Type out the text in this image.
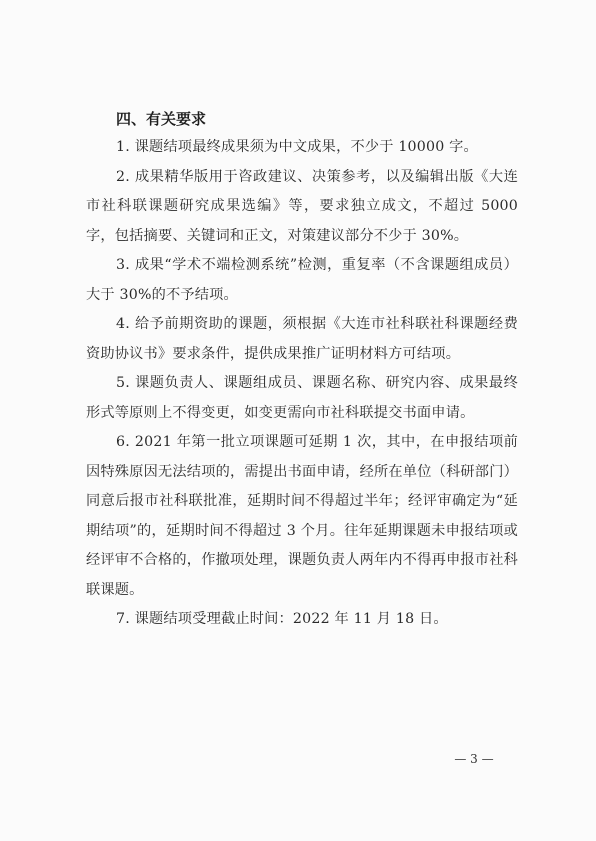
四、有关要求

1. 课题结项最终成果须为中文成果，不少于 10000 字。

2. 成果精华版用于咨政建议、决策参考，以及编辑出版《大连市社科联课题研究成果选编》等，要求独立成文，不超过 5000 字，包括摘要、关键词和正文，对策建议部分不少于 30%。

3. 成果“学术不端检测系统”检测，重复率（不含课题组成员）大于 30%的不予结项。

4. 给予前期资助的课题，须根据《大连市社科联社科课题经费资助协议书》要求条件，提供成果推广证明材料方可结项。

5. 课题负责人、课题组成员、课题名称、研究内容、成果最终形式等原则上不得变更，如变更需向市社科联提交书面申请。

6. 2021 年第一批立项课题可延期 1 次，其中，在申报结项前因特殊原因无法结项的，需提出书面申请，经所在单位（科研部门）同意后报市社科联批准，延期时间不得超过半年；经评审确定为“延期结项”的，延期时间不得超过 3 个月。往年延期课题未申报结项或经评审不合格的，作撤项处理，课题负责人两年内不得再申报市社科联课题。

7. 课题结项受理截止时间：2022 年 11 月 18 日。

— 3 —
